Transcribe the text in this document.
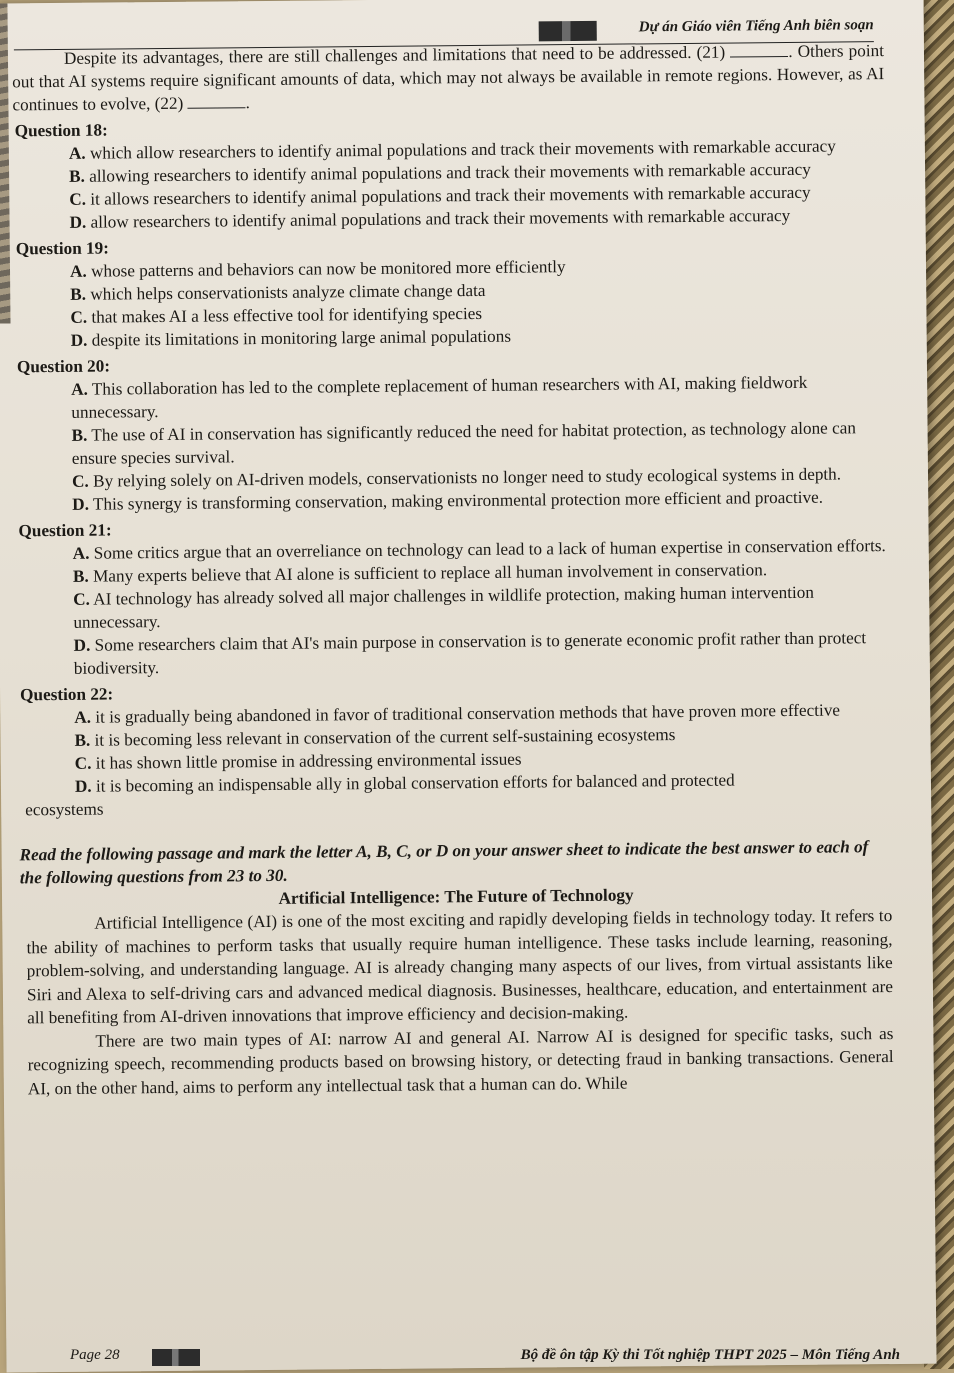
Dự án Giáo viên Tiếng Anh biên soạn

Despite its advantages, there are still challenges and limitations that need to be addressed. (21)	. Others point out that AI systems require significant amounts of data, which may not always be available in remote regions. However, as AI continues to evolve, (22)	.

Question 18:
A. which allow researchers to identify animal populations and track their movements with remarkable accuracy
B. allowing researchers to identify animal populations and track their movements with remarkable accuracy
C. it allows researchers to identify animal populations and track their movements with remarkable accuracy
D. allow researchers to identify animal populations and track their movements with remarkable accuracy
Question 19:
A. whose patterns and behaviors can now be monitored more efficiently
B. which helps conservationists analyze climate change data
C. that makes AI a less effective tool for identifying species
D. despite its limitations in monitoring large animal populations
Question 20:
A. This collaboration has led to the complete replacement of human researchers with AI, making fieldwork unnecessary.
B. The use of AI in conservation has significantly reduced the need for habitat protection, as technology alone can ensure species survival.
C. By relying solely on AI-driven models, conservationists no longer need to study ecological systems in depth.
D. This synergy is transforming conservation, making environmental protection more efficient and proactive.
Question 21:
A. Some critics argue that an overreliance on technology can lead to a lack of human expertise in conservation efforts.
B. Many experts believe that AI alone is sufficient to replace all human involvement in conservation.
C. AI technology has already solved all major challenges in wildlife protection, making human intervention unnecessary.
D. Some researchers claim that AI's main purpose in conservation is to generate economic profit rather than protect biodiversity.
Question 22:
A. it is gradually being abandoned in favor of traditional conservation methods that have proven more effective
B. it is becoming less relevant in conservation of the current self-sustaining ecosystems
C. it has shown little promise in addressing environmental issues
D. it is becoming an indispensable ally in global conservation efforts for balanced and protected
ecosystems
Read the following passage and mark the letter A, B, C, or D on your answer sheet to indicate the best answer to each of the following questions from 23 to 30.
Artificial Intelligence: The Future of Technology

Artificial Intelligence (AI) is one of the most exciting and rapidly developing fields in technology today. It refers to the ability of machines to perform tasks that usually require human intelligence. These tasks include learning, reasoning, problem-solving, and understanding language. AI is already changing many aspects of our lives, from virtual assistants like Siri and Alexa to self-driving cars and advanced medical diagnosis. Businesses, healthcare, education, and entertainment are all benefiting from AI-driven innovations that improve efficiency and decision-making.

There are two main types of AI: narrow AI and general AI. Narrow AI is designed for specific tasks, such as recognizing speech, recommending products based on browsing history, or detecting fraud in banking transactions. General AI, on the other hand, aims to perform any intellectual task that a human can do. While

Page 28	Bộ đề ôn tập Kỳ thi Tốt nghiệp THPT 2025 – Môn Tiếng Anh
